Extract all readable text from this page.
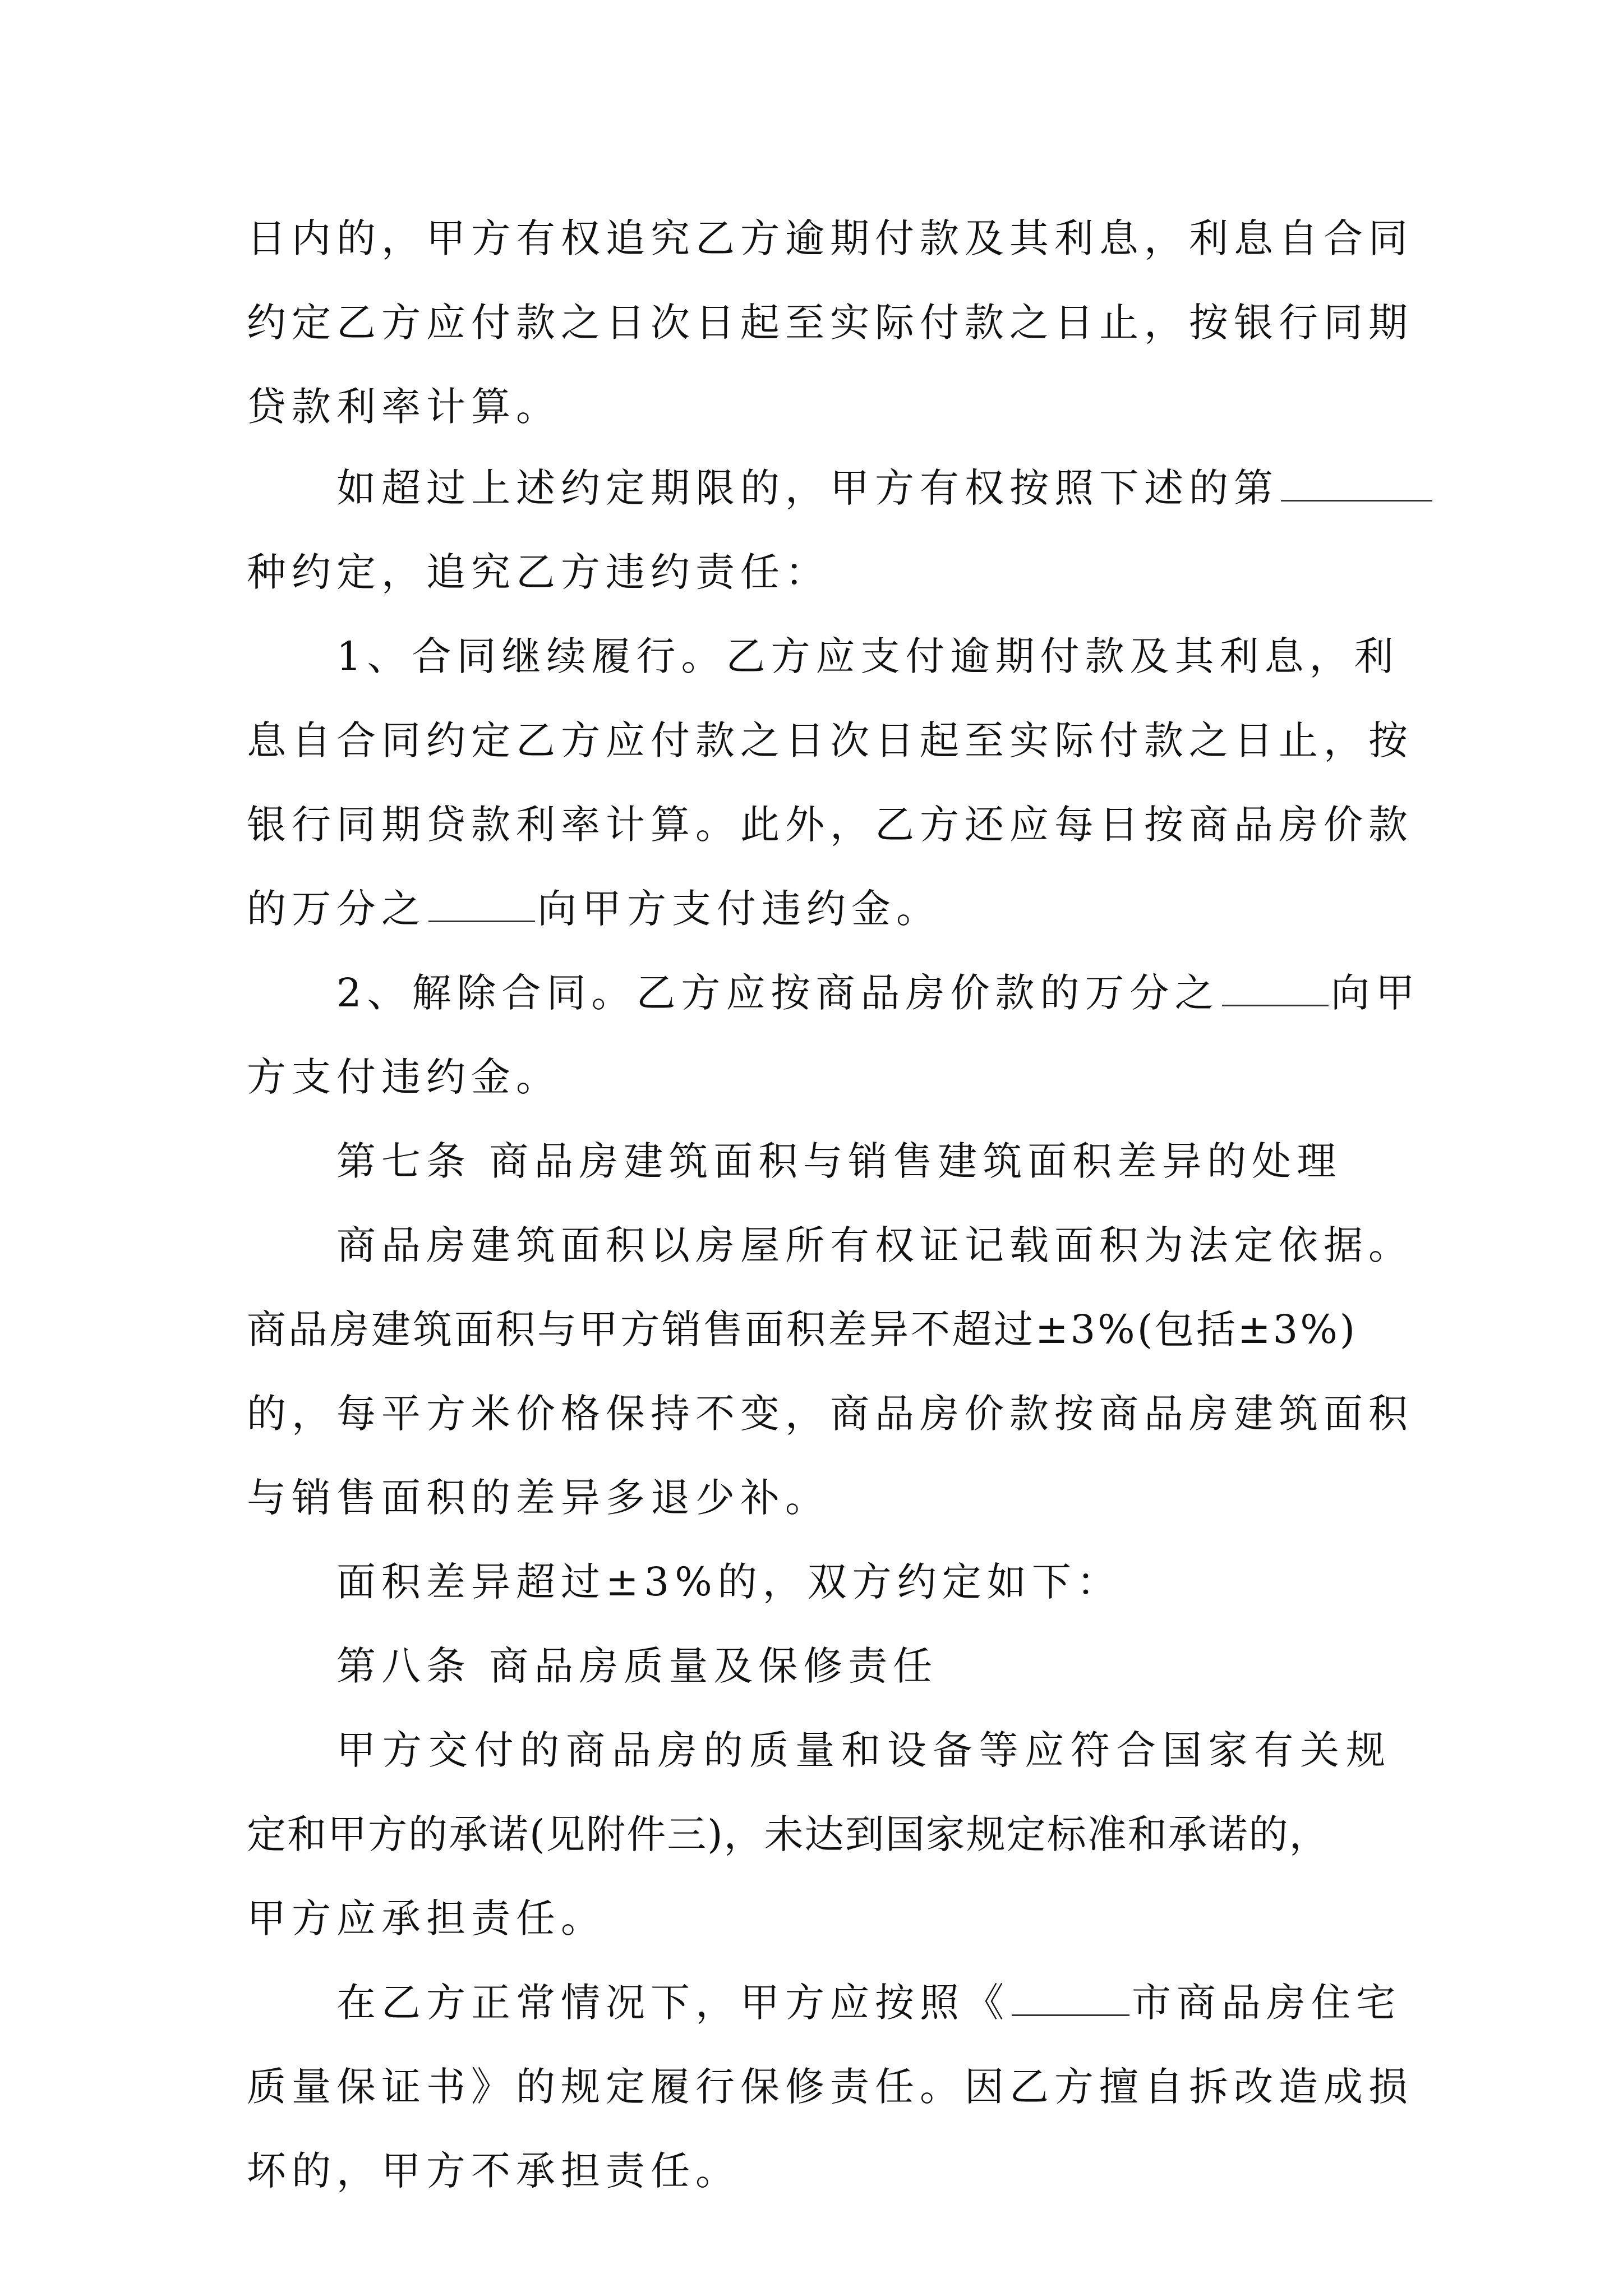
日内的，甲方有权追究乙方逾期付款及其利息，利息自合同
约定乙方应付款之日次日起至实际付款之日止，按银行同期
贷款利率计算。
如超过上述约定期限的，甲方有权按照下述的第
种约定，追究乙方违约责任：
1、合同继续履行。乙方应支付逾期付款及其利息，利
息自合同约定乙方应付款之日次日起至实际付款之日止，按
银行同期贷款利率计算。此外，乙方还应每日按商品房价款
的万分之	向甲方支付违约金。
2、解除合同。乙方应按商品房价款的万分之	向甲
方支付违约金。
第七条 商品房建筑面积与销售建筑面积差异的处理
商品房建筑面积以房屋所有权证记载面积为法定依据。
商品房建筑面积与甲方销售面积差异不超过±3%(包括±3%)
的，每平方米价格保持不变，商品房价款按商品房建筑面积
与销售面积的差异多退少补。
面积差异超过±3%的，双方约定如下：
第八条 商品房质量及保修责任
甲方交付的商品房的质量和设备等应符合国家有关规
定和甲方的承诺(见附件三)，未达到国家规定标准和承诺的，
甲方应承担责任。
在乙方正常情况下，甲方应按照《	市商品房住宅
质量保证书》的规定履行保修责任。因乙方擅自拆改造成损
坏的，甲方不承担责任。
